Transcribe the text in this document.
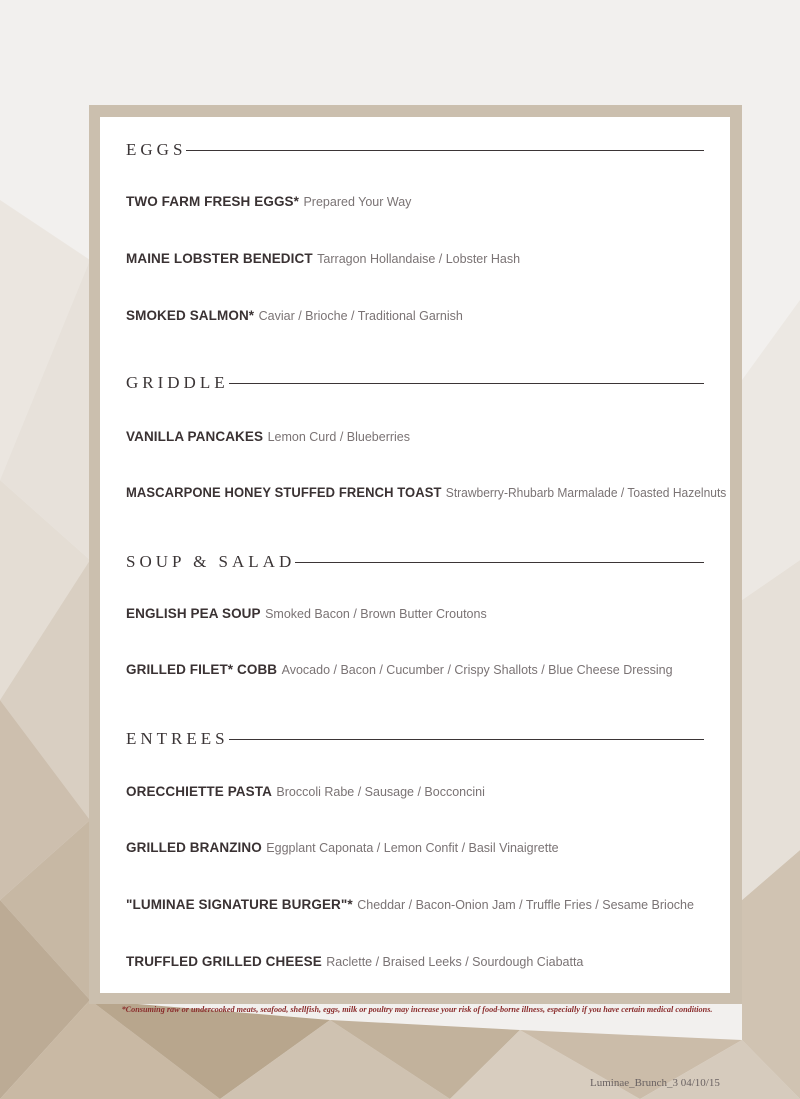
EGGS
TWO FARM FRESH EGGS* Prepared Your Way
MAINE LOBSTER BENEDICT Tarragon Hollandaise / Lobster Hash
SMOKED SALMON* Caviar / Brioche / Traditional Garnish
GRIDDLE
VANILLA PANCAKES Lemon Curd / Blueberries
MASCARPONE HONEY STUFFED FRENCH TOAST Strawberry-Rhubarb Marmalade / Toasted Hazelnuts
SOUP & SALAD
ENGLISH PEA SOUP Smoked Bacon / Brown Butter Croutons
GRILLED FILET* COBB Avocado / Bacon / Cucumber / Crispy Shallots / Blue Cheese Dressing
ENTREES
ORECCHIETTE PASTA Broccoli Rabe / Sausage / Bocconcini
GRILLED BRANZINO Eggplant Caponata / Lemon Confit / Basil Vinaigrette
"LUMINAE SIGNATURE BURGER"* Cheddar / Bacon-Onion Jam / Truffle Fries / Sesame Brioche
TRUFFLED GRILLED CHEESE Raclette / Braised Leeks / Sourdough Ciabatta
*Consuming raw or undercooked meats, seafood, shellfish, eggs, milk or poultry may increase your risk of food-borne illness, especially if you have certain medical conditions.
Luminae_Brunch_3 04/10/15
